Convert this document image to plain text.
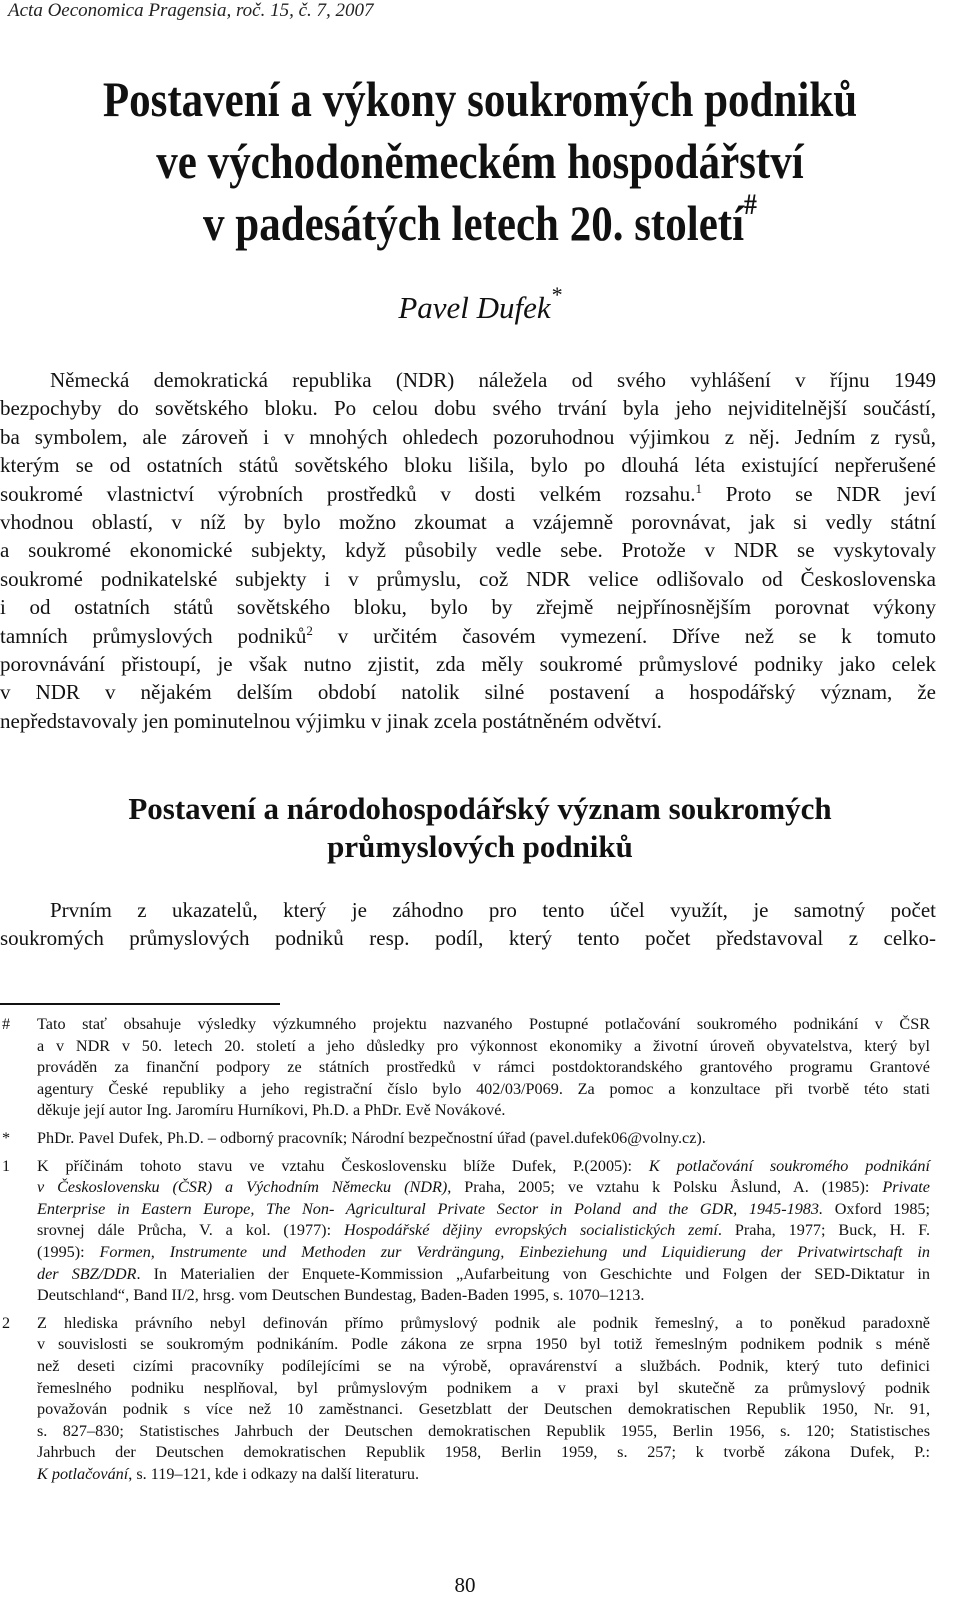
Acta Oeconomica Pragensia, roč. 15, č. 7, 2007
Postavení a výkony soukromých podniků
ve východoněmeckém hospodářství
v padesátých letech 20. století#
Pavel Dufek*
Německá demokratická republika (NDR) náležela od svého vyhlášení v říjnu 1949
bezpochyby do sovětského bloku. Po celou dobu svého trvání byla jeho nejviditelnější součástí,
ba symbolem, ale zároveň i v mnohých ohledech pozoruhodnou výjimkou z něj. Jedním z rysů,
kterým se od ostatních států sovětského bloku lišila, bylo po dlouhá léta existující nepřerušené
soukromé vlastnictví výrobních prostředků v dosti velkém rozsahu.$^1$ Proto se NDR jeví
vhodnou oblastí, v níž by bylo možno zkoumat a vzájemně porovnávat, jak si vedly státní
a soukromé ekonomické subjekty, když působily vedle sebe. Protože v NDR se vyskytovaly
soukromé podnikatelské subjekty i v průmyslu, což NDR velice odlišovalo od Československa
i od ostatních států sovětského bloku, bylo by zřejmě nejpřínosnějším porovnat výkony
tamních průmyslových podniků$^2$ v určitém časovém vymezení. Dříve než se k tomuto
porovnávání přistoupí, je však nutno zjistit, zda měly soukromé průmyslové podniky jako celek
v NDR v nějakém delším období natolik silné postavení a hospodářský význam, že
nepředstavovaly jen pominutelnou výjimku v jinak zcela postátněném odvětví.
Postavení a národohospodářský význam soukromých
průmyslových podniků
Prvním z ukazatelů, který je záhodno pro tento účel využít, je samotný počet
soukromých průmyslových podniků resp. podíl, který tento počet představoval z celko-
# Tato stať obsahuje výsledky výzkumného projektu nazvaného Postupné potlačování soukromého podnikání v ČSR
a v NDR v 50. letech 20. století a jeho důsledky pro výkonnost ekonomiky a životní úroveň obyvatelstva, který byl
prováděn za finanční podpory ze státních prostředků v rámci postdoktorandského grantového programu Grantové
agentury České republiky a jeho registrační číslo bylo 402/03/P069. Za pomoc a konzultace při tvorbě této stati
děkuje její autor Ing. Jaromíru Hurníkovi, Ph.D. a PhDr. Evě Novákové.
* PhDr. Pavel Dufek, Ph.D. – odborný pracovník; Národní bezpečnostní úřad (pavel.dufek06@volny.cz).
1 K příčinám tohoto stavu ve vztahu Československu blíže Dufek, P.(2005): K potlačování soukromého podnikání
v Československu (ČSR) a Východním Německu (NDR), Praha, 2005; ve vztahu k Polsku Åslund, A. (1985): Private
Enterprise in Eastern Europe, The Non- Agricultural Private Sector in Poland and the GDR, 1945-1983. Oxford 1985;
srovnej dále Průcha, V. a kol. (1977): Hospodářské dějiny evropských socialistických zemí. Praha, 1977; Buck, H. F.
(1995): Formen, Instrumente und Methoden zur Verdrängung, Einbeziehung und Liquidierung der Privatwirtschaft in
der SBZ/DDR. In Materialien der Enquete-Kommission „Aufarbeitung von Geschichte und Folgen der SED-Diktatur in
Deutschland“, Band II/2, hrsg. vom Deutschen Bundestag, Baden-Baden 1995, s. 1070–1213.
2 Z hlediska právního nebyl definován přímo průmyslový podnik ale podnik řemeslný, a to poněkud paradoxně
v souvislosti se soukromým podnikáním. Podle zákona ze srpna 1950 byl totiž řemeslným podnikem podnik s méně
než deseti cizími pracovníky podílejícími se na výrobě, opravárenství a službách. Podnik, který tuto definici
řemeslného podniku nesplňoval, byl průmyslovým podnikem a v praxi byl skutečně za průmyslový podnik
považován podnik s více než 10 zaměstnanci. Gesetzblatt der Deutschen demokratischen Republik 1950, Nr. 91,
s. 827–830; Statistisches Jahrbuch der Deutschen demokratischen Republik 1955, Berlin 1956, s. 120; Statistisches
Jahrbuch der Deutschen demokratischen Republik 1958, Berlin 1959, s. 257; k tvorbě zákona Dufek, P.:
K potlačování, s. 119–121, kde i odkazy na další literaturu.
80
